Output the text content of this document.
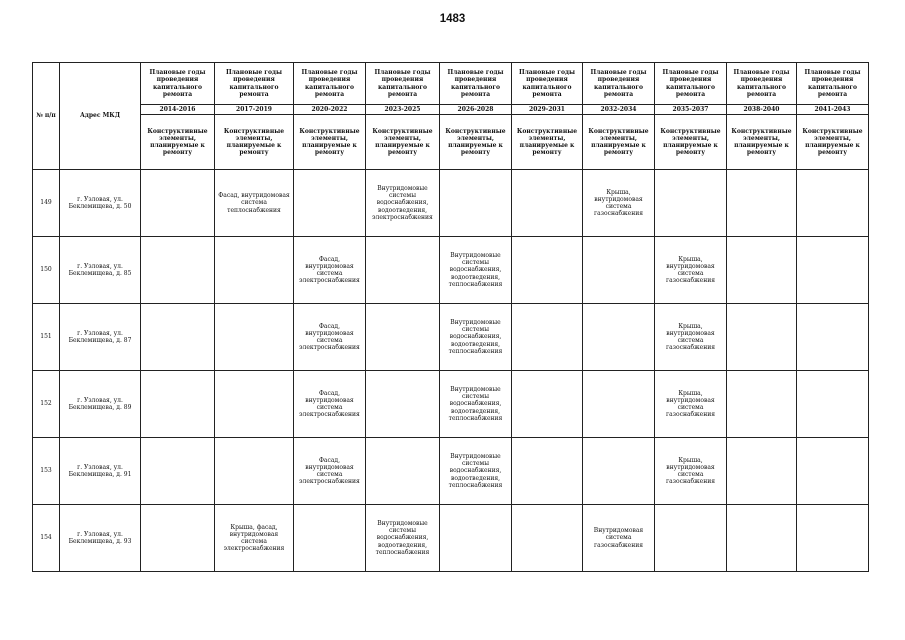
1483
№ п/п	Адрес МКД	Плановые годы проведения капитального ремонта	Плановые годы проведения капитального ремонта	Плановые годы проведения капитального ремонта	Плановые годы проведения капитального ремонта	Плановые годы проведения капитального ремонта	Плановые годы проведения капитального ремонта	Плановые годы проведения капитального ремонта	Плановые годы проведения капитального ремонта	Плановые годы проведения капитального ремонта	Плановые годы проведения капитального ремонта
		2014-2016	2017-2019	2020-2022	2023-2025	2026-2028	2029-2031	2032-2034	2035-2037	2038-2040	2041-2043
		Конструктивные элементы, планируемые к ремонту	Конструктивные элементы, планируемые к ремонту	Конструктивные элементы, планируемые к ремонту	Конструктивные элементы, планируемые к ремонту	Конструктивные элементы, планируемые к ремонту	Конструктивные элементы, планируемые к ремонту	Конструктивные элементы, планируемые к ремонту	Конструктивные элементы, планируемые к ремонту	Конструктивные элементы, планируемые к ремонту	Конструктивные элементы, планируемые к ремонту
149	г. Узловая, ул. Беклемищева, д. 50		Фасад, внутридомовая система теплоснабжения		Внутридомовые системы водоснабжения, водоотведения, электроснабжения			Крыша, внутридомовая система газоснабжения			
150	г. Узловая, ул. Беклемищева, д. 85			Фасад, внутридомовая система электроснабжения		Внутридомовые системы водоснабжения, водоотведения, теплоснабжения			Крыша, внутридомовая система газоснабжения		
151	г. Узловая, ул. Беклемищева, д. 87			Фасад, внутридомовая система электроснабжения		Внутридомовые системы водоснабжения, водоотведения, теплоснабжения			Крыша, внутридомовая система газоснабжения		
152	г. Узловая, ул. Беклемищева, д. 89			Фасад, внутридомовая система электроснабжения		Внутридомовые системы водоснабжения, водоотведения, теплоснабжения			Крыша, внутридомовая система газоснабжения		
153	г. Узловая, ул. Беклемищева, д. 91			Фасад, внутридомовая система электроснабжения		Внутридомовые системы водоснабжения, водоотведения, теплоснабжения			Крыша, внутридомовая система газоснабжения		
154	г. Узловая, ул. Беклемищева, д. 93		Крыша, фасад, внутридомовая система электроснабжения		Внутридомовые системы водоснабжения, водоотведения, теплоснабжения			Внутридомовая система газоснабжения			
